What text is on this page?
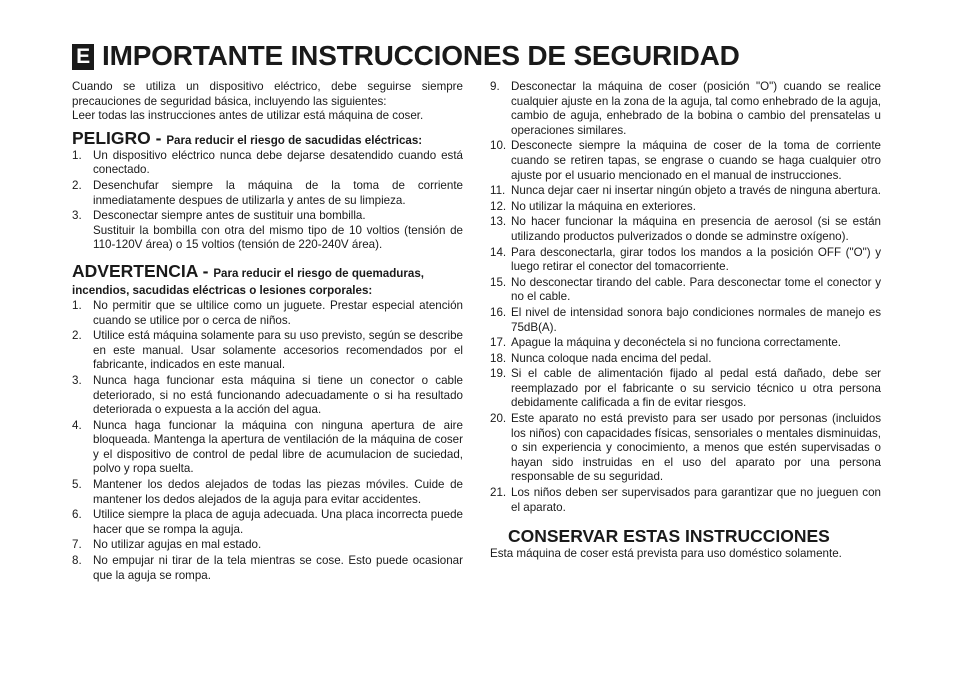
E IMPORTANTE INSTRUCCIONES DE SEGURIDAD

Cuando se utiliza un dispositivo eléctrico, debe seguirse siempre precauciones de seguridad básica, incluyendo las siguientes:

Leer todas las instrucciones antes de utilizar está máquina de coser.

PELIGRO - Para reducir el riesgo de sacudidas eléctricas:
1. Un dispositivo eléctrico nunca debe dejarse desatendido cuando está conectado.
2. Desenchufar siempre la máquina de la toma de corriente inmediatamente despues de utilizarla y antes de su limpieza.
3. Desconectar siempre antes de sustituir una bombilla.
Sustituir la bombilla con otra del mismo tipo de 10 voltios (tensión de 110-120V área) o 15 voltios (tensión de 220-240V área).
ADVERTENCIA - Para reducir el riesgo de quemaduras, incendios, sacudidas eléctricas o lesiones corporales:
1. No permitir que se ultilice como un juguete. Prestar especial atención cuando se utilice por o cerca de niños.
2. Utilice está máquina solamente para su uso previsto, según se describe en este manual. Usar solamente accesorios recomendados por el fabricante, indicados en este manual.
3. Nunca haga funcionar esta máquina si tiene un conector o cable deteriorado, si no está funcionando adecuadamente o si ha resultado deteriorada o expuesta a la acción del agua.
4. Nunca haga funcionar la máquina con ninguna apertura de aire bloqueada. Mantenga la apertura de ventilación de la máquina de coser y el dispositivo de control de pedal libre de acumulacion de suciedad, polvo y ropa suelta.
5. Mantener los dedos alejados de todas las piezas móviles. Cuide de mantener los dedos alejados de la aguja para evitar accidentes.
6. Utilice siempre la placa de aguja adecuada. Una placa incorrecta puede hacer que se rompa la aguja.
7. No utilizar agujas en mal estado.
8. No empujar ni tirar de la tela mientras se cose. Esto puede ocasionar que la aguja se rompa.
9. Desconectar la máquina de coser (posición "O") cuando se realice cualquier ajuste en la zona de la aguja, tal como enhebrado de la aguja, cambio de aguja, enhebrado de la bobina o cambio del prensatelas u operaciones similares.
10. Desconecte siempre la máquina de coser de la toma de corriente cuando se retiren tapas, se engrase o cuando se haga cualquier otro ajuste por el usuario mencionado en el manual de instrucciones.
11. Nunca dejar caer ni insertar ningún objeto a través de ninguna abertura.
12. No utilizar la máquina en exteriores.
13. No hacer funcionar la máquina en presencia de aerosol (si se están utilizando productos pulverizados o donde se adminstre oxígeno).
14. Para desconectarla, girar todos los mandos a la posición OFF ("O") y luego retirar el conector del tomacorriente.
15. No desconectar tirando del cable. Para desconectar tome el conector y no el cable.
16. El nivel de intensidad sonora bajo condiciones normales de manejo es 75dB(A).
17. Apague la máquina y deconéctela si no funciona correctamente.
18. Nunca coloque nada encima del pedal.
19. Si el cable de alimentación fijado al pedal está dañado, debe ser reemplazado por el fabricante o su servicio técnico u otra persona debidamente calificada a fin de evitar riesgos.
20. Este aparato no está previsto para ser usado por personas (incluidos los niños) con capacidades físicas, sensoriales o mentales disminuidas, o sin experiencia y conocimiento, a menos que estén supervisadas o hayan sido instruidas en el uso del aparato por una persona responsable de su seguridad.
21. Los niños deben ser supervisados para garantizar que no jueguen con el aparato.
CONSERVAR ESTAS INSTRUCCIONES

Esta máquina de coser está prevista para uso doméstico solamente.
